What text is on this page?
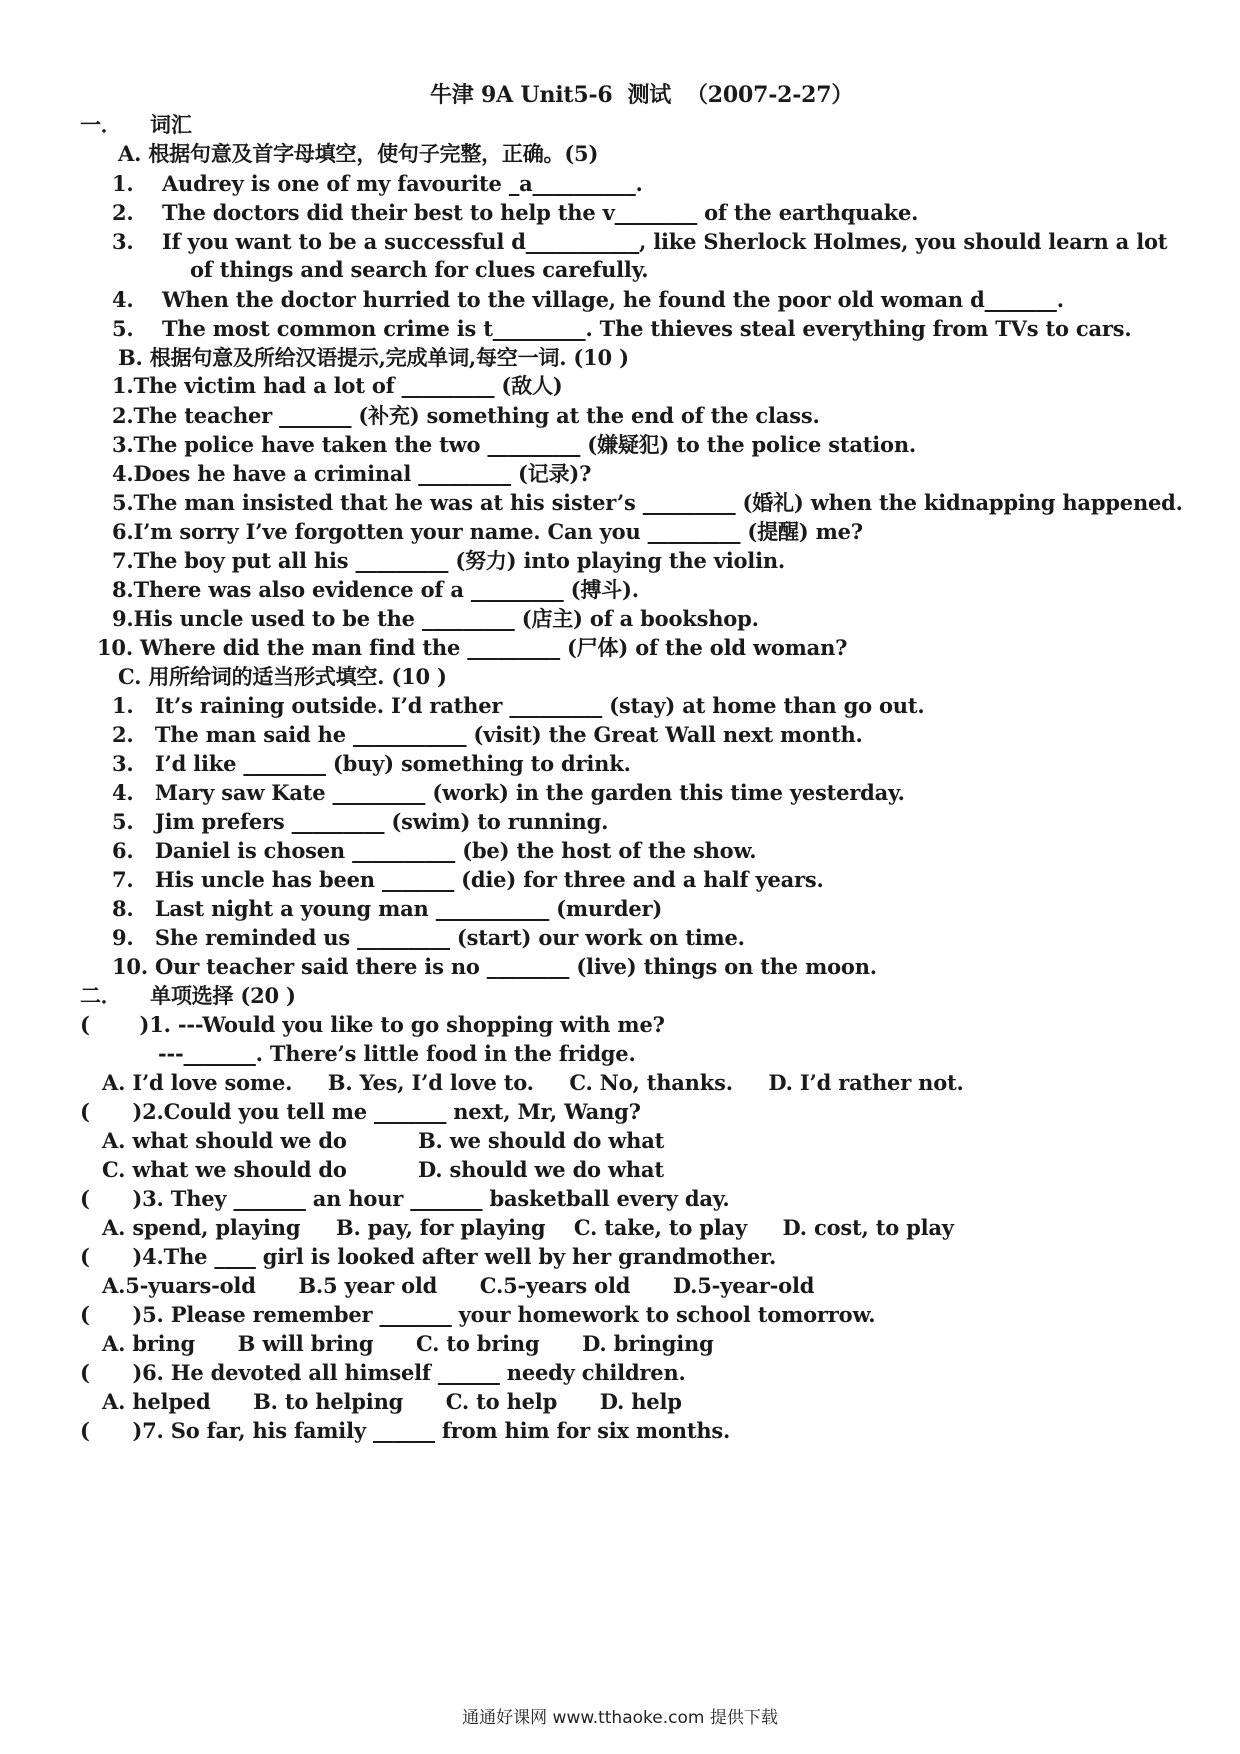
牛津 9A Unit5-6  测试  （2007-2-27）
一．    词汇
A. 根据句意及首字母填空，使句子完整，正确。(5)
1.    Audrey is one of my favourite _a__________.
2.    The doctors did their best to help the v________ of the earthquake.
3.    If you want to be a successful d___________, like Sherlock Holmes, you should learn a lot
of things and search for clues carefully.
4.    When the doctor hurried to the village, he found the poor old woman d_______.
5.    The most common crime is t_________. The thieves steal everything from TVs to cars.
B. 根据句意及所给汉语提示,完成单词,每空一词. (10 )
1.The victim had a lot of _________ (敌人)
2.The teacher _______ (补充) something at the end of the class.
3.The police have taken the two _________ (嫌疑犯) to the police station.
4.Does he have a criminal _________ (记录)?
5.The man insisted that he was at his sister’s _________ (婚礼) when the kidnapping happened.
6.I’m sorry I’ve forgotten your name. Can you _________ (提醒) me?
7.The boy put all his _________ (努力) into playing the violin.
8.There was also evidence of a _________ (搏斗).
9.His uncle used to be the _________ (店主) of a bookshop.
10. Where did the man find the _________ (尸体) of the old woman?
C. 用所给词的适当形式填空. (10 )
1.   It’s raining outside. I’d rather _________ (stay) at home than go out.
2.   The man said he ___________ (visit) the Great Wall next month.
3.   I’d like ________ (buy) something to drink.
4.   Mary saw Kate _________ (work) in the garden this time yesterday.
5.   Jim prefers _________ (swim) to running.
6.   Daniel is chosen __________ (be) the host of the show.
7.   His uncle has been _______ (die) for three and a half years.
8.   Last night a young man ___________ (murder)
9.   She reminded us _________ (start) our work on time.
10. Our teacher said there is no ________ (live) things on the moon.
二．    单项选择 (20 )
(       )1. ---Would you like to go shopping with me?
---_______. There’s little food in the fridge.
A. I’d love some.     B. Yes, I’d love to.     C. No, thanks.     D. I’d rather not.
(      )2.Could you tell me _______ next, Mr, Wang?
A. what should we do	B. we should do what
C. what we should do	D. should we do what
(      )3. They _______ an hour _______ basketball every day.
A. spend, playing     B. pay, for playing    C. take, to play     D. cost, to play
(      )4.The ____ girl is looked after well by her grandmother.
A.5-yuars-old      B.5 year old      C.5-years old      D.5-year-old
(      )5. Please remember _______ your homework to school tomorrow.
A. bring      B will bring      C. to bring      D. bringing
(      )6. He devoted all himself ______ needy children.
A. helped      B. to helping      C. to help      D. help
(      )7. So far, his family ______ from him for six months.
通通好课网 www.tthaoke.com 提供下载
